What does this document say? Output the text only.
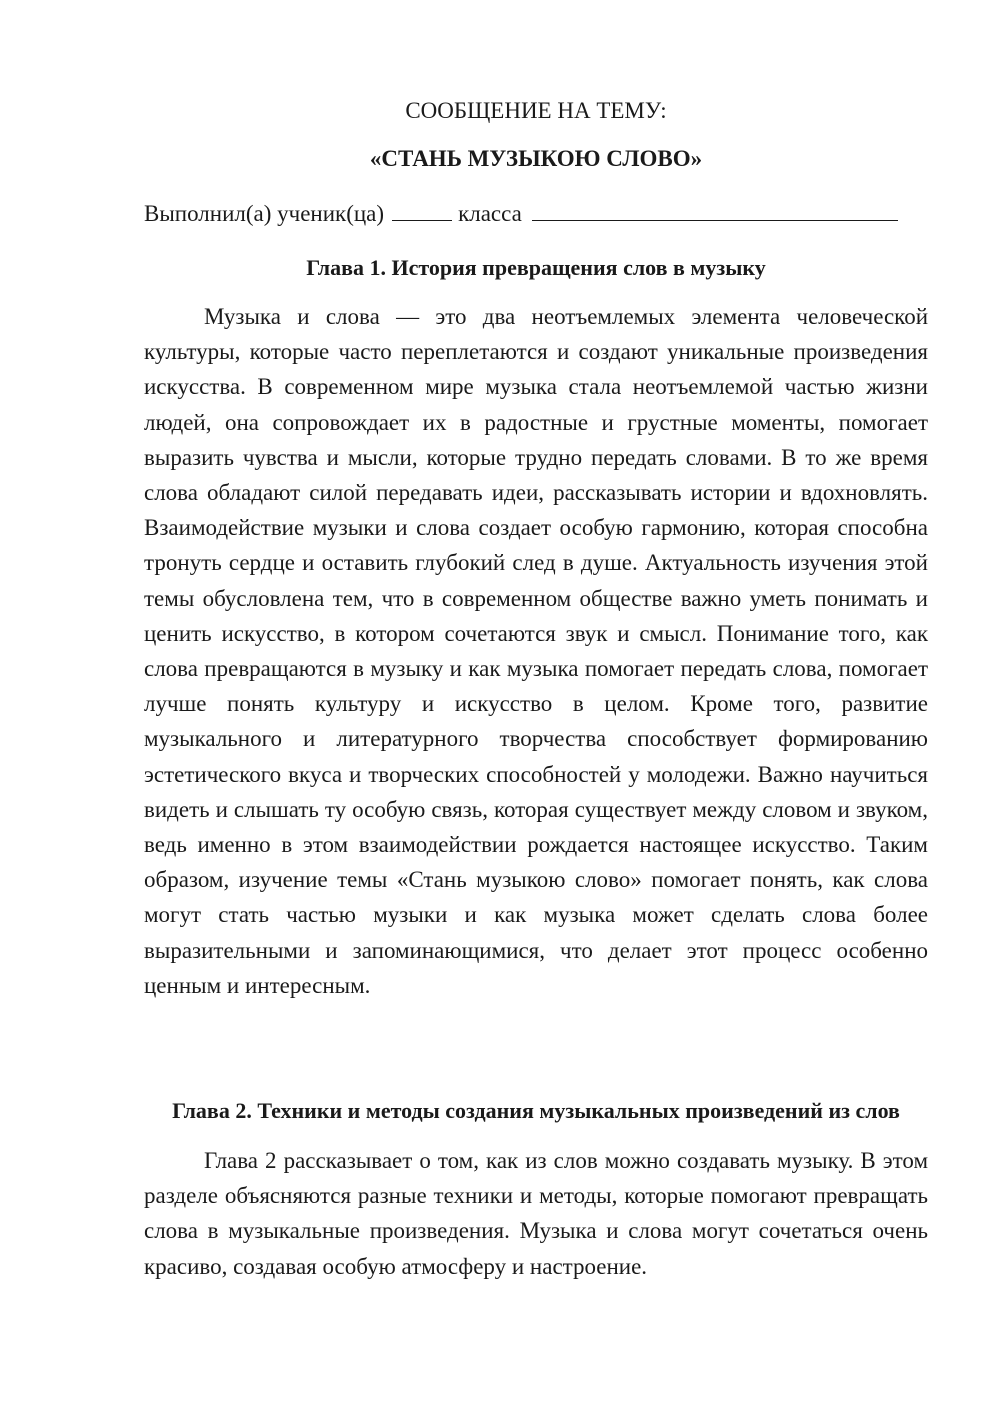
СООБЩЕНИЕ НА ТЕМУ:

«СТАНЬ МУЗЫКОЮ СЛОВО»

Выполнил(а) ученик(ца)	класса
Глава 1. История превращения слов в музыку

Музыка и слова — это два неотъемлемых элемента человеческой культуры, которые часто переплетаются и создают уникальные произведения искусства. В современном мире музыка стала неотъемлемой частью жизни людей, она сопровождает их в радостные и грустные моменты, помогает выразить чувства и мысли, которые трудно передать словами. В то же время слова обладают силой передавать идеи, рассказывать истории и вдохновлять. Взаимодействие музыки и слова создает особую гармонию, которая способна тронуть сердце и оставить глубокий след в душе. Актуальность изучения этой темы обусловлена тем, что в современном обществе важно уметь понимать и ценить искусство, в котором сочетаются звук и смысл. Понимание того, как слова превращаются в музыку и как музыка помогает передать слова, помогает лучше понять культуру и искусство в целом. Кроме того, развитие музыкального и литературного творчества способствует формированию эстетического вкуса и творческих способностей у молодежи. Важно научиться видеть и слышать ту особую связь, которая существует между словом и звуком, ведь именно в этом взаимодействии рождается настоящее искусство. Таким образом, изучение темы «Стань музыкою слово» помогает понять, как слова могут стать частью музыки и как музыка может сделать слова более выразительными и запоминающимися, что делает этот процесс особенно ценным и интересным.

Глава 2. Техники и методы создания музыкальных произведений из слов

Глава 2 рассказывает о том, как из слов можно создавать музыку. В этом разделе объясняются разные техники и методы, которые помогают превращать слова в музыкальные произведения. Музыка и слова могут сочетаться очень красиво, создавая особую атмосферу и настроение.
